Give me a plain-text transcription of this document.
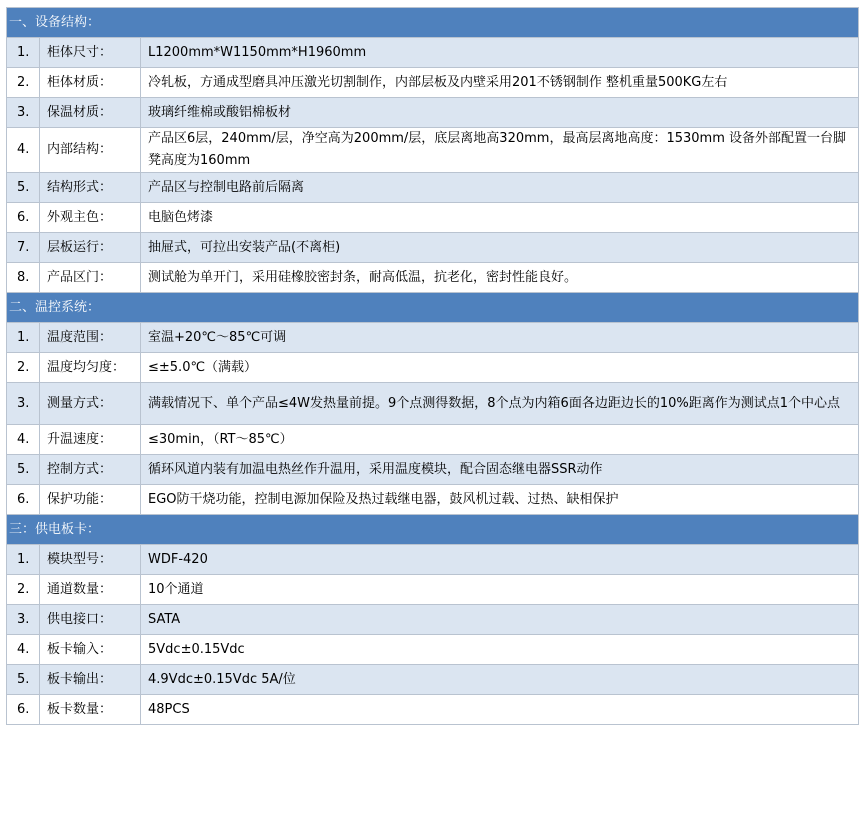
一、设备结构：		
1.	柜体尺寸：	L1200mm*W1150mm*H1960mm
2.	柜体材质：	冷轧板，方通成型磨具冲压激光切割制作，内部层板及内壁采用201不锈钢制作 整机重量500KG左右
3.	保温材质：	玻璃纤维棉或酸铝棉板材
4.	内部结构：	产品区6层，240mm/层，净空高为200mm/层，底层离地高320mm，最高层离地高度：1530mm 设备外部配置一台脚凳高度为160mm
5.	结构形式：	产品区与控制电路前后隔离
6.	外观主色：	电脑色烤漆
7.	层板运行：	抽屉式，可拉出安装产品(不离柜)
8.	产品区门：	测试舱为单开门，采用硅橡胶密封条，耐高低温，抗老化，密封性能良好。
二、温控系统：		
1.	温度范围：	室温+20℃～85℃可调
2.	温度均匀度：	≤±5.0℃（满载）
3.	测量方式：	满载情况下、单个产品≤4W发热量前提。9个点测得数据，8个点为内箱6面各边距边长的10%距离作为测试点1个中心点
4.	升温速度：	≤30min，（RT～85℃）
5.	控制方式：	循环风道内装有加温电热丝作升温用，采用温度模块，配合固态继电器SSR动作
6.	保护功能：	EGO防干烧功能，控制电源加保险及热过载继电器，鼓风机过载、过热、缺相保护
三：供电板卡：		
1.	模块型号：	WDF-420
2.	通道数量：	10个通道
3.	供电接口：	SATA
4.	板卡输入：	5Vdc±0.15Vdc
5.	板卡输出：	4.9Vdc±0.15Vdc 5A/位
6.	板卡数量：	48PCS
